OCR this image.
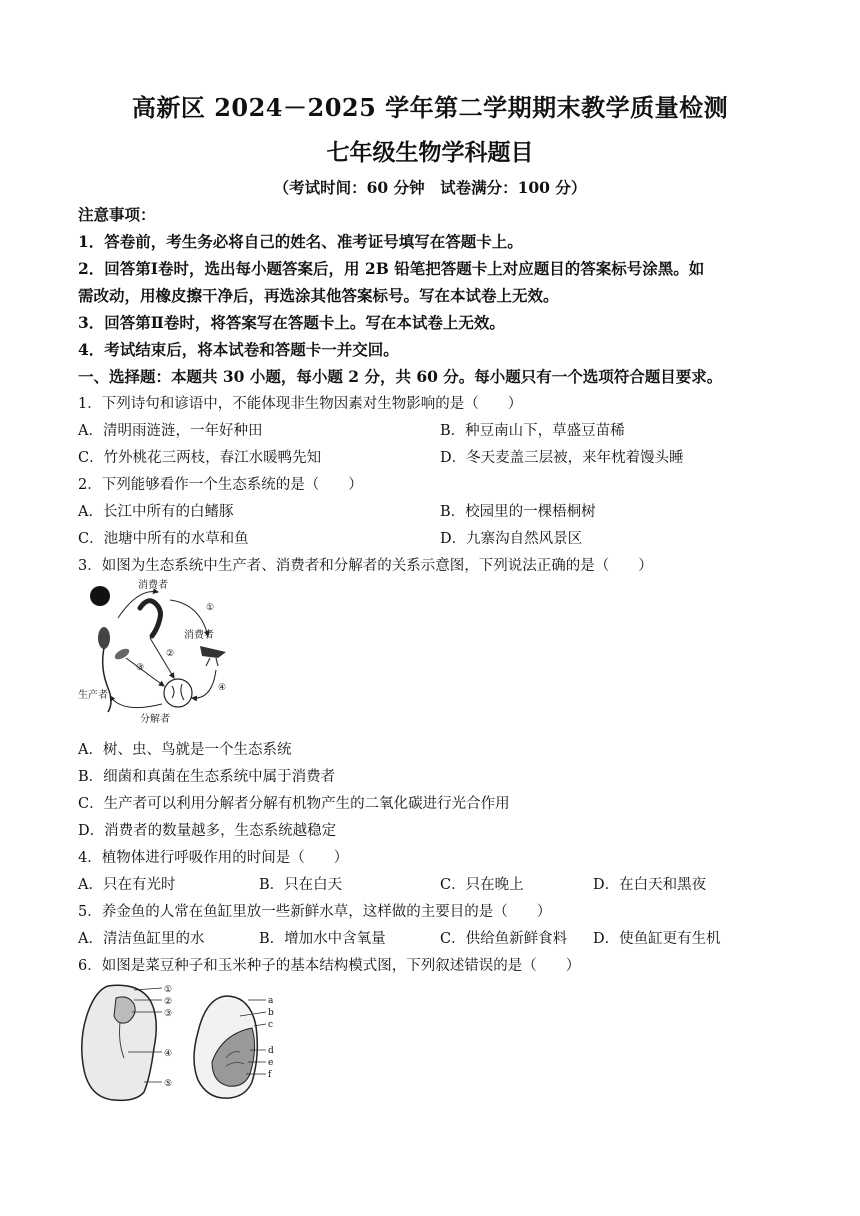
高新区 2024－2025 学年第二学期期末教学质量检测
七年级生物学科题目
（考试时间：60 分钟　试卷满分：100 分）
注意事项：
1．答卷前，考生务必将自己的姓名、准考证号填写在答题卡上。
2．回答第Ⅰ卷时，选出每小题答案后，用 2B 铅笔把答题卡上对应题目的答案标号涂黑。如
需改动，用橡皮擦干净后，再选涂其他答案标号。写在本试卷上无效。
3．回答第Ⅱ卷时，将答案写在答题卡上。写在本试卷上无效。
4．考试结束后，将本试卷和答题卡一并交回。
一、选择题：本题共 30 小题，每小题 2 分，共 60 分。每小题只有一个选项符合题目要求。
1．下列诗句和谚语中，不能体现非生物因素对生物影响的是（　　）
A．清明雨涟涟，一年好种田	B．种豆南山下，草盛豆苗稀
C．竹外桃花三两枝，春江水暖鸭先知	D．冬天麦盖三层被，来年枕着馒头睡
2．下列能够看作一个生态系统的是（　　）
A．长江中所有的白鳍豚	B．校园里的一棵梧桐树
C．池塘中所有的水草和鱼	D．九寨沟自然风景区
3．如图为生态系统中生产者、消费者和分解者的关系示意图，下列说法正确的是（　　）
消费者
消费者
生产者
分解者
①
②
③
④
A．树、虫、鸟就是一个生态系统
B．细菌和真菌在生态系统中属于消费者
C．生产者可以利用分解者分解有机物产生的二氧化碳进行光合作用
D．消费者的数量越多，生态系统越稳定
4．植物体进行呼吸作用的时间是（　　）
A．只在有光时	B．只在白天	C．只在晚上	D．在白天和黑夜
5．养金鱼的人常在鱼缸里放一些新鲜水草，这样做的主要目的是（　　）
A．清洁鱼缸里的水	B．增加水中含氧量	C．供给鱼新鲜食料 D．使鱼缸更有生机
6．如图是菜豆种子和玉米种子的基本结构模式图，下列叙述错误的是（　　）
①
②
③
④
⑤
a
b
c
d
e
f
